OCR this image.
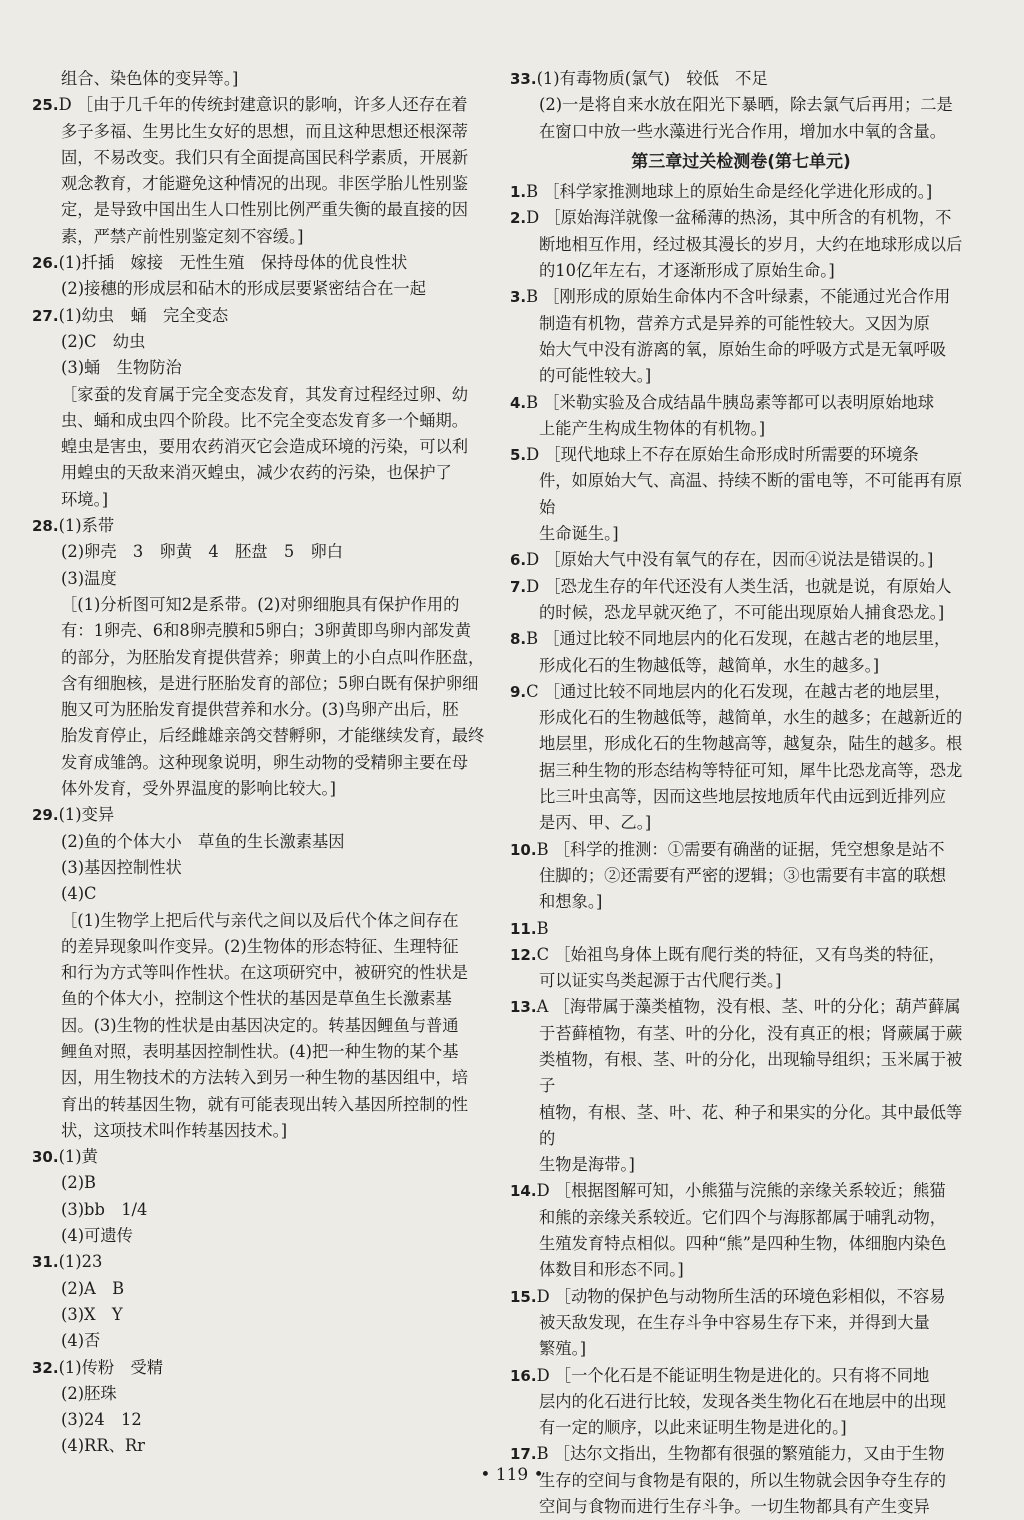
组合、染色体的变异等。]

25.D ［由于几千年的传统封建意识的影响，许多人还存在着

多子多福、生男比生女好的思想，而且这种思想还根深蒂

固，不易改变。我们只有全面提高国民科学素质，开展新

观念教育，才能避免这种情况的出现。非医学胎儿性别鉴

定，是导致中国出生人口性别比例严重失衡的最直接的因

素，严禁产前性别鉴定刻不容缓。]

26.(1)扦插　嫁接　无性生殖　保持母体的优良性状

(2)接穗的形成层和砧木的形成层要紧密结合在一起

27.(1)幼虫　蛹　完全变态

(2)C　幼虫

(3)蛹　生物防治

［家蚕的发育属于完全变态发育，其发育过程经过卵、幼

虫、蛹和成虫四个阶段。比不完全变态发育多一个蛹期。

蝗虫是害虫，要用农药消灭它会造成环境的污染，可以利

用蝗虫的天敌来消灭蝗虫，减少农药的污染，也保护了

环境。]

28.(1)系带

(2)卵壳　3　卵黄　4　胚盘　5　卵白

(3)温度

［(1)分析图可知2是系带。(2)对卵细胞具有保护作用的

有：1卵壳、6和8卵壳膜和5卵白；3卵黄即鸟卵内部发黄

的部分，为胚胎发育提供营养；卵黄上的小白点叫作胚盘，

含有细胞核，是进行胚胎发育的部位；5卵白既有保护卵细

胞又可为胚胎发育提供营养和水分。(3)鸟卵产出后，胚

胎发育停止，后经雌雄亲鸽交替孵卵，才能继续发育，最终

发育成雏鸽。这种现象说明，卵生动物的受精卵主要在母

体外发育，受外界温度的影响比较大。]

29.(1)变异

(2)鱼的个体大小　草鱼的生长激素基因

(3)基因控制性状

(4)C

［(1)生物学上把后代与亲代之间以及后代个体之间存在

的差异现象叫作变异。(2)生物体的形态特征、生理特征

和行为方式等叫作性状。在这项研究中，被研究的性状是

鱼的个体大小，控制这个性状的基因是草鱼生长激素基

因。(3)生物的性状是由基因决定的。转基因鲤鱼与普通

鲤鱼对照，表明基因控制性状。(4)把一种生物的某个基

因，用生物技术的方法转入到另一种生物的基因组中，培

育出的转基因生物，就有可能表现出转入基因所控制的性

状，这项技术叫作转基因技术。]

30.(1)黄

(2)B

(3)bb　1/4

(4)可遗传

31.(1)23

(2)A　B

(3)X　Y

(4)否

32.(1)传粉　受精

(2)胚珠

(3)24　12

(4)RR、Rr

33.(1)有毒物质(氯气)　较低　不足

(2)一是将自来水放在阳光下暴晒，除去氯气后再用；二是

在窗口中放一些水藻进行光合作用，增加水中氧的含量。

第三章过关检测卷(第七单元)

1.B ［科学家推测地球上的原始生命是经化学进化形成的。]

2.D ［原始海洋就像一盆稀薄的热汤，其中所含的有机物，不

断地相互作用，经过极其漫长的岁月，大约在地球形成以后

的10亿年左右，才逐渐形成了原始生命。]

3.B ［刚形成的原始生命体内不含叶绿素，不能通过光合作用

制造有机物，营养方式是异养的可能性较大。又因为原

始大气中没有游离的氧，原始生命的呼吸方式是无氧呼吸

的可能性较大。]

4.B ［米勒实验及合成结晶牛胰岛素等都可以表明原始地球

上能产生构成生物体的有机物。]

5.D ［现代地球上不存在原始生命形成时所需要的环境条

件，如原始大气、高温、持续不断的雷电等，不可能再有原始

生命诞生。]

6.D ［原始大气中没有氧气的存在，因而④说法是错误的。]

7.D ［恐龙生存的年代还没有人类生活，也就是说，有原始人

的时候，恐龙早就灭绝了，不可能出现原始人捕食恐龙。]

8.B ［通过比较不同地层内的化石发现，在越古老的地层里，

形成化石的生物越低等，越简单，水生的越多。]

9.C ［通过比较不同地层内的化石发现，在越古老的地层里，

形成化石的生物越低等，越简单，水生的越多；在越新近的

地层里，形成化石的生物越高等，越复杂，陆生的越多。根

据三种生物的形态结构等特征可知，犀牛比恐龙高等，恐龙

比三叶虫高等，因而这些地层按地质年代由远到近排列应

是丙、甲、乙。]

10.B ［科学的推测：①需要有确凿的证据，凭空想象是站不

住脚的；②还需要有严密的逻辑；③也需要有丰富的联想

和想象。]

11.B

12.C ［始祖鸟身体上既有爬行类的特征，又有鸟类的特征，

可以证实鸟类起源于古代爬行类。]

13.A ［海带属于藻类植物，没有根、茎、叶的分化；葫芦藓属

于苔藓植物，有茎、叶的分化，没有真正的根；肾蕨属于蕨

类植物，有根、茎、叶的分化，出现输导组织；玉米属于被子

植物，有根、茎、叶、花、种子和果实的分化。其中最低等的

生物是海带。]

14.D ［根据图解可知，小熊猫与浣熊的亲缘关系较近；熊猫

和熊的亲缘关系较近。它们四个与海豚都属于哺乳动物，

生殖发育特点相似。四种“熊”是四种生物，体细胞内染色

体数目和形态不同。]

15.D ［动物的保护色与动物所生活的环境色彩相似，不容易

被天敌发现，在生存斗争中容易生存下来，并得到大量

繁殖。]

16.D ［一个化石是不能证明生物是进化的。只有将不同地

层内的化石进行比较，发现各类生物化石在地层中的出现

有一定的顺序，以此来证明生物是进化的。]

17.B ［达尔文指出，生物都有很强的繁殖能力，又由于生物

生存的空间与食物是有限的，所以生物就会因争夺生存的

空间与食物而进行生存斗争。一切生物都具有产生变异

• 119 •
